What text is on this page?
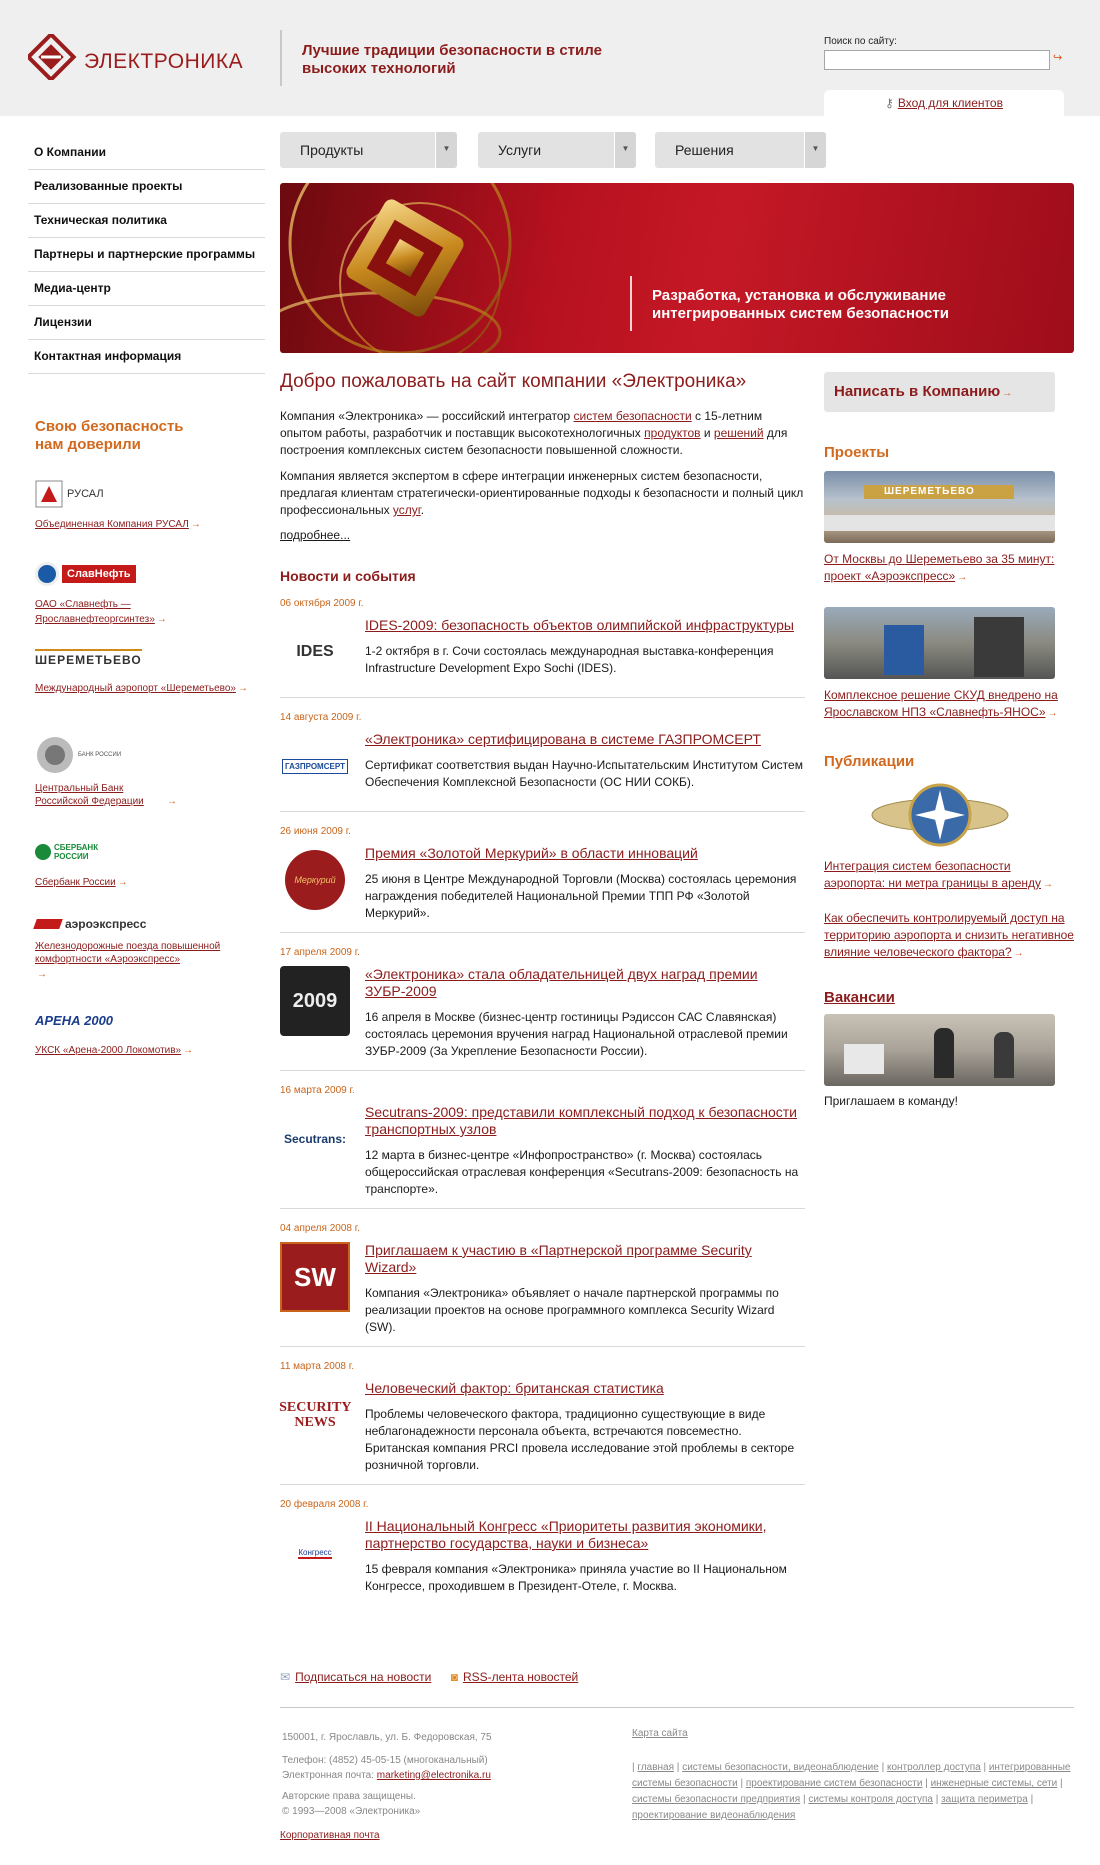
ЭЛЕКТРОНИКА	Лучшие традиции безопасности в стиле высоких технологий
Поиск по сайту:
↪
⚷ Вход для клиентов
О Компании
Реализованные проекты
Техническая политика
Партнеры и партнерские программы
Медиа-центр
Лицензии
Контактная информация
Свою безопасность нам доверили
РУСАЛ
Объединенная Компания РУСАЛ →
СлавНефть
ОАО «Славнефть — Ярославнефтеоргсинтез» →
ШЕРЕМЕТЬЕВО
Международный аэропорт «Шереметьево» →
БАНК РОССИИ
Центральный Банк Российской Федерации →
СБЕРБАНК РОССИИ
Сбербанк России →
аэроэкспресс
Железнодорожные поезда повышенной комфортности «Аэроэкспресс»→
АРЕНА 2000
УКСК «Арена-2000 Локомотив» →
Продукты	▼	Услуги	▼	Решения	▼
Разработка, установка и обслуживание интегрированных систем безопасности
Добро пожаловать на сайт компании «Электроника»
Компания «Электроника» — российский интегратор систем безопасности с 15-летним опытом работы, разработчик и поставщик высокотехнологичных продуктов и решений для построения комплексных систем безопасности повышенной сложности.
Компания является экспертом в сфере интеграции инженерных систем безопасности, предлагая клиентам стратегически-ориентированные подходы к безопасности и полный цикл профессиональных услуг.
подробнее...
Новости и события
06 октября 2009 г.
IDES
IDES-2009: безопасность объектов олимпийской инфраструктуры
1-2 октября в г. Сочи состоялась международная выставка-конференция Infrastructure Development Expo Sochi (IDES).
14 августа 2009 г.
ГАЗПРОМСЕРТ
«Электроника» сертифицирована в системе ГАЗПРОМСЕРТ
Сертификат соответствия выдан Научно-Испытательским Институтом Систем Обеспечения Комплексной Безопасности (ОС НИИ СОКБ).
26 июня 2009 г.
Меркурий
Премия «Золотой Меркурий» в области инноваций
25 июня в Центре Международной Торговли (Москва) состоялась церемония награждения победителей Национальной Премии ТПП РФ «Золотой Меркурий».
17 апреля 2009 г.
2009
«Электроника» стала обладательницей двух наград премии ЗУБР-2009
16 апреля в Москве (бизнес-центр гостиницы Рэдиссон САС Славянская) состоялась церемония вручения наград Национальной отраслевой премии ЗУБР-2009 (За Укрепление Безопасности России).
16 марта 2009 г.
Secutrans:
Secutrans-2009: представили комплексный подход к безопасности транспортных узлов
12 марта в бизнес-центре «Инфопространство» (г. Москва) состоялась общероссийская отраслевая конференция «Secutrans-2009: безопасность на транспорте».
04 апреля 2008 г.
SW
Приглашаем к участию в «Партнерской программе Security Wizard»
Компания «Электроника» объявляет о начале партнерской программы по реализации проектов на основе программного комплекса Security Wizard (SW).
11 марта 2008 г.
SECURITY NEWS
Человеческий фактор: британская статистика
Проблемы человеческого фактора, традиционно существующие в виде неблагонадежности персонала объекта, встречаются повсеместно. Британская компания PRCI провела исследование этой проблемы в секторе розничной торговли.
20 февраля 2008 г.
Конгресс
II Национальный Конгресс «Приоритеты развития экономики, партнерство государства, науки и бизнеса»
15 февраля компания «Электроника» приняла участие во II Национальном Конгрессе, проходившем в Президент-Отеле, г. Москва.
✉ Подписаться на новости ◙ RSS-лента новостей
Написать в Компанию →
Проекты
ШЕРЕМЕТЬЕВО
От Москвы до Шереметьево за 35 минут: проект «Аэроэкспресс» →
Комплексное решение СКУД внедрено на Ярославском НПЗ «Славнефть-ЯНОС» →
Публикации
Интеграция систем безопасности аэропорта: ни метра границы в аренду →
Как обеспечить контролируемый доступ на территорию аэропорта и снизить негативное влияние человеческого фактора? →
Вакансии
Приглашаем в команду!
150001, г. Ярославль, ул. Б. Федоровская, 75
Телефон: (4852) 45-05-15 (многоканальный)
Электронная почта: marketing@electronika.ru
Авторские права защищены.
© 1993—2008 «Электроника»
Карта сайта
| главная | системы безопасности, видеонаблюдение | контроллер доступа | интегрированные системы безопасности | проектирование систем безопасности | инженерные системы, сети | системы безопасности предприятия | системы контроля доступа | защита периметра | проектирование видеонаблюдения
Корпоративная почта
